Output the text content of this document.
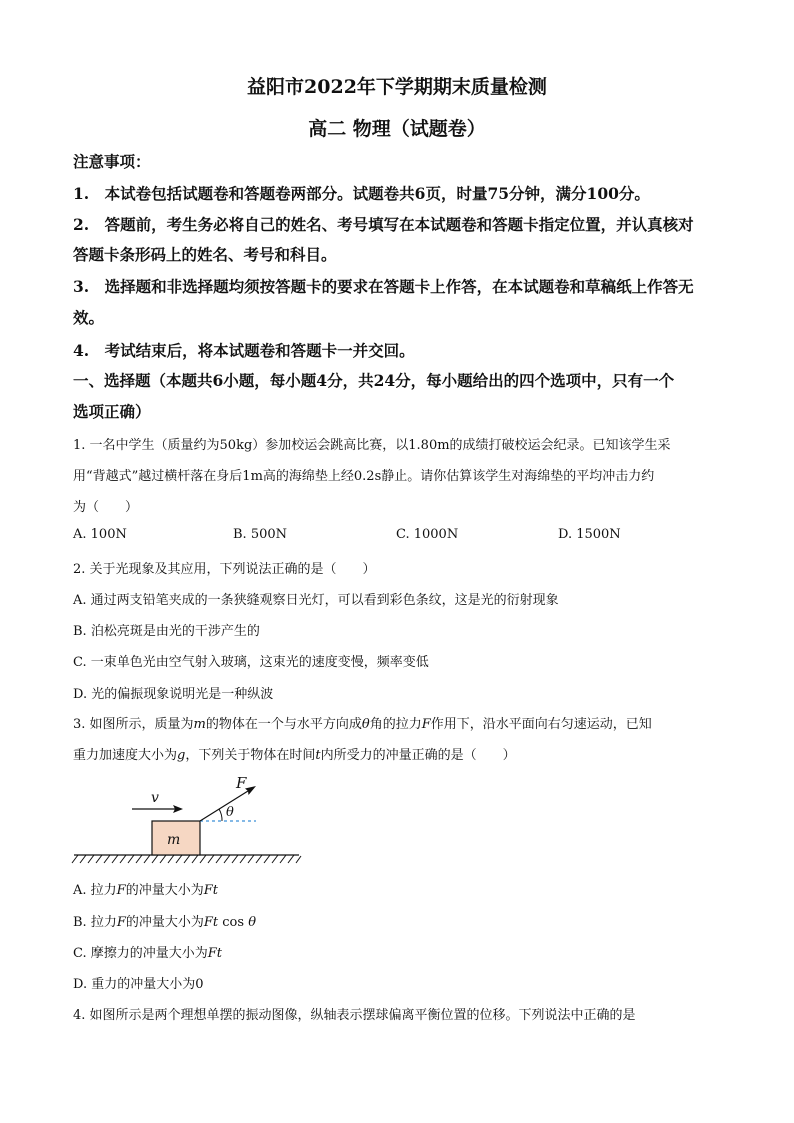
益阳市2022年下学期期末质量检测
高二 物理（试题卷）
注意事项：
1.　本试卷包括试题卷和答题卷两部分。试题卷共6页，时量75分钟，满分100分。
2.　答题前，考生务必将自己的姓名、考号填写在本试题卷和答题卡指定位置，并认真核对
答题卡条形码上的姓名、考号和科目。
3.　选择题和非选择题均须按答题卡的要求在答题卡上作答，在本试题卷和草稿纸上作答无
效。
4.　考试结束后，将本试题卷和答题卡一并交回。
一、选择题（本题共6小题，每小题4分，共24分，每小题给出的四个选项中，只有一个
选项正确）
1. 一名中学生（质量约为50kg）参加校运会跳高比赛，以1.80m的成绩打破校运会纪录。已知该学生采
用“背越式”越过横杆落在身后1m高的海绵垫上经0.2s静止。请你估算该学生对海绵垫的平均冲击力约
为（　　）
A. 100N	B. 500N	C. 1000N	D. 1500N
2. 关于光现象及其应用，下列说法正确的是（　　）
A. 通过两支铅笔夹成的一条狭缝观察日光灯，可以看到彩色条纹，这是光的衍射现象
B. 泊松亮斑是由光的干涉产生的
C. 一束单色光由空气射入玻璃，这束光的速度变慢，频率变低
D. 光的偏振现象说明光是一种纵波
3. 如图所示，质量为m的物体在一个与水平方向成θ角的拉力F作用下，沿水平面向右匀速运动，已知
重力加速度大小为g，下列关于物体在时间t内所受力的冲量正确的是（　　）
m
v
F
θ
A. 拉力F的冲量大小为Ft
B. 拉力F的冲量大小为Ft cos θ
C. 摩擦力的冲量大小为Ft
D. 重力的冲量大小为0
4. 如图所示是两个理想单摆的振动图像，纵轴表示摆球偏离平衡位置的位移。下列说法中正确的是
